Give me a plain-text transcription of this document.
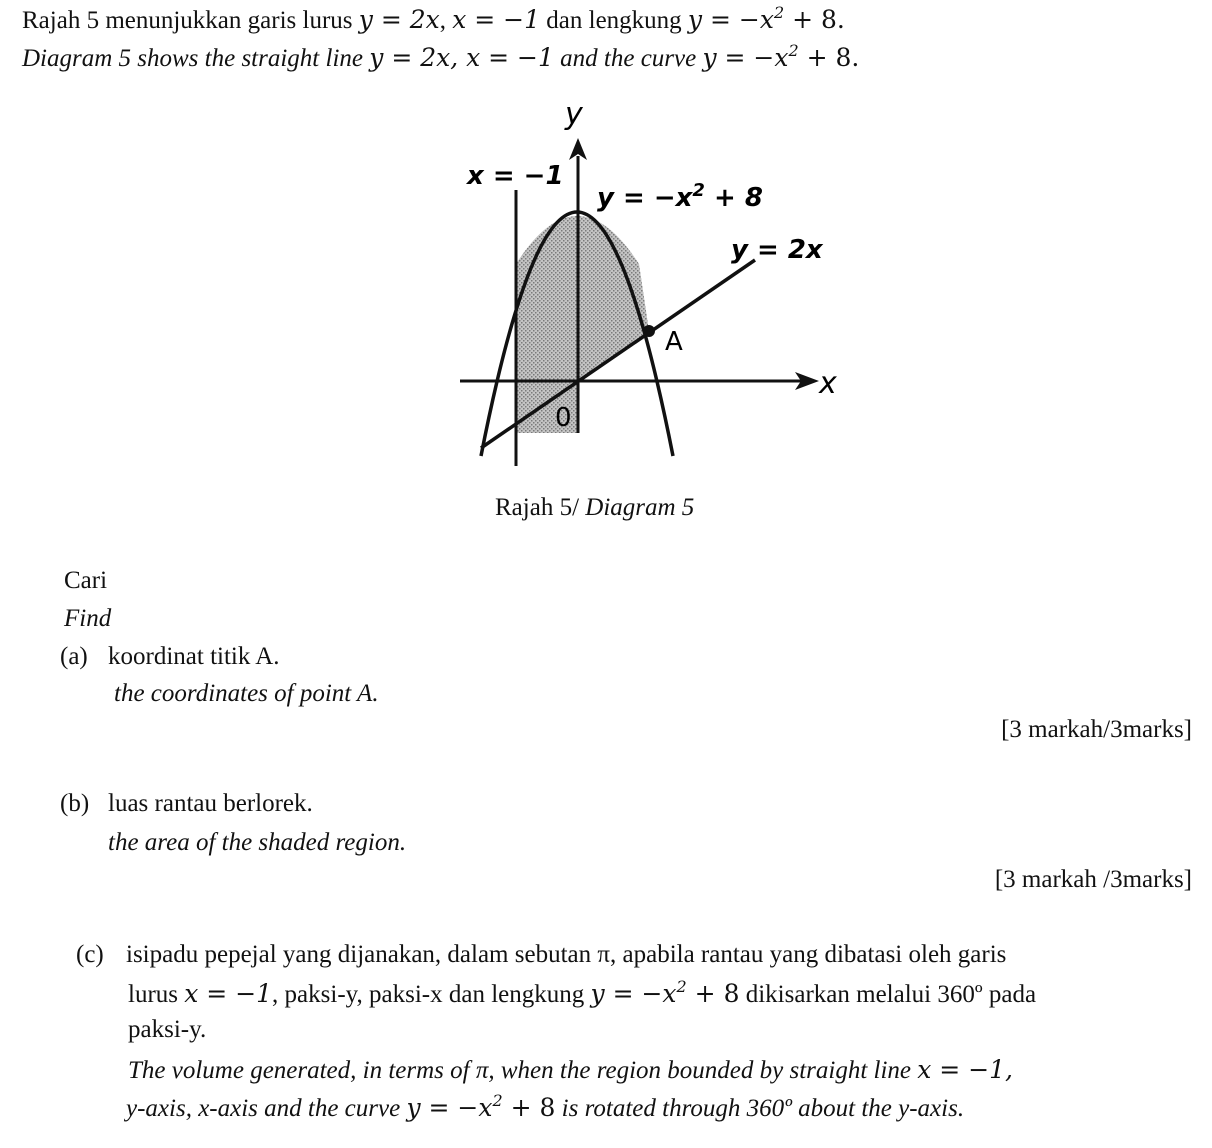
Rajah 5 menunjukkan garis lurus y = 2x, x = −1 dan lengkung $y = -x^2 + 8$.
Diagram 5 shows the straight line y = 2x, x = −1 and the curve $y = -x^2 + 8$.
y
x
0
x = −1
$y = -x^2 + 8$
y = 2x
A
Rajah 5/ Diagram 5
Cari
Find
(a) koordinat titik A.
the coordinates of point A.
[3 markah/3marks]
(b) luas rantau berlorek.
the area of the shaded region.
[3 markah /3marks]
(c) isipadu pepejal yang dijanakan, dalam sebutan π, apabila rantau yang dibatasi oleh garis
lurus x = −1, paksi-y, paksi-x dan lengkung $y = -x^2 + 8$ dikisarkan melalui 360º pada
paksi-y.
The volume generated, in terms of π, when the region bounded by straight line x = −1,
y-axis, x-axis and the curve $y = -x^2 + 8$ is rotated through 360º about the y-axis.
